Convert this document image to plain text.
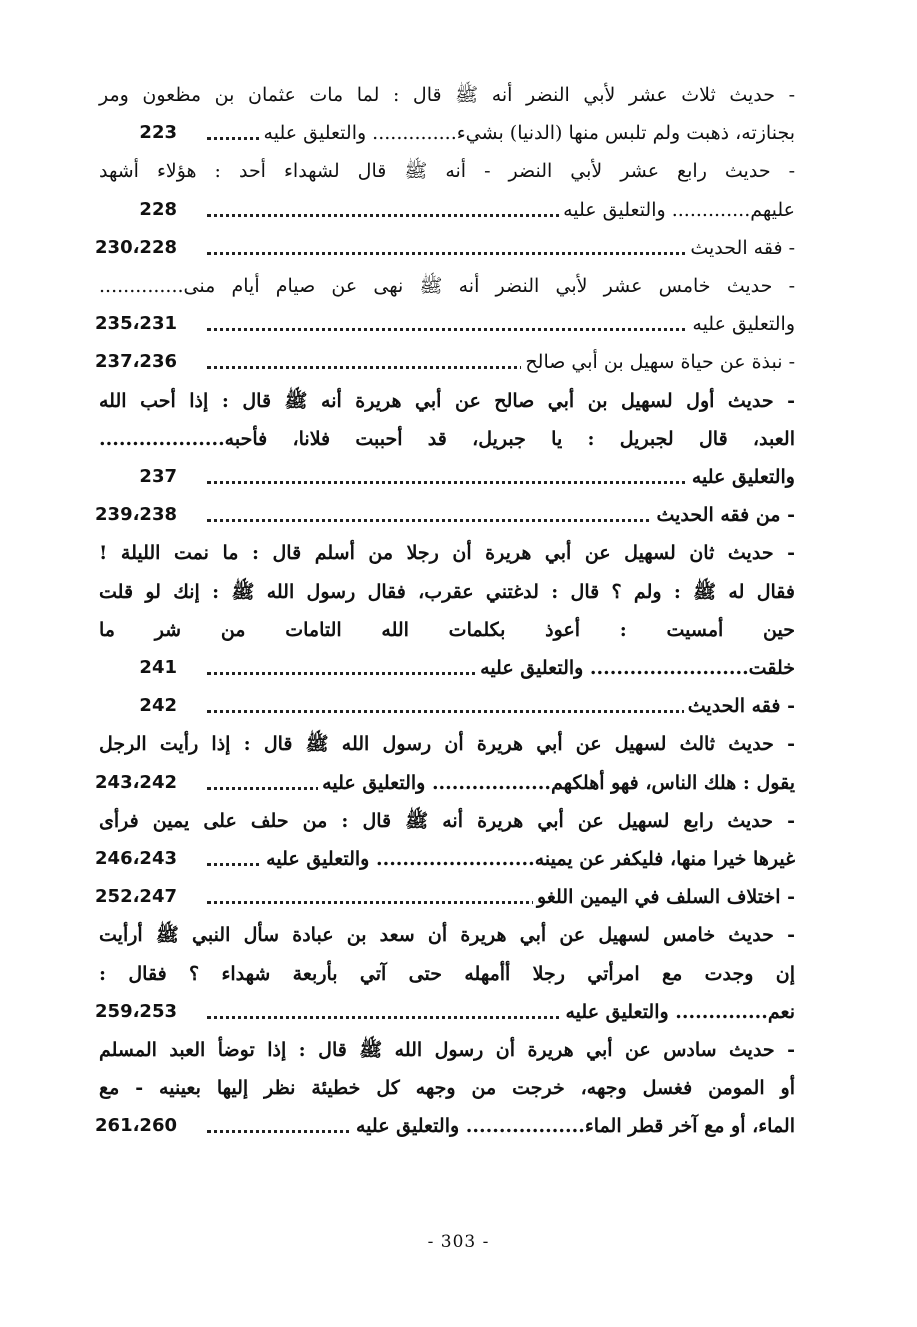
- حديث ثلاث عشر لأبي النضر أنه ﷺ قال : لما مات عثمان بن مظعون ومر
بجنازته، ذهبت ولم تلبس منها (الدنيا) بشيء.............. والتعليق عليه
223
- حديث رابع عشر لأبي النضر - أنه ﷺ قال لشهداء أحد : هؤلاء أشهد
عليهم............. والتعليق عليه
228
- فقه الحديث
230،228
- حديث خامس عشر لأبي النضر أنه ﷺ نهى عن صيام أيام منى..............
والتعليق عليه
235،231
- نبذة عن حياة سهيل بن أبي صالح
237،236
- حديث أول لسهيل بن أبي صالح عن أبي هريرة أنه ﷺ قال : إذا أحب الله
العبد، قال لجبريل : يا جبريل، قد أحببت فلانا، فأحبه...................
والتعليق عليه
237
- من فقه الحديث
239،238
- حديث ثان لسهيل عن أبي هريرة أن رجلا من أسلم قال : ما نمت الليلة !
فقال له ﷺ : ولم ؟ قال : لدغتني عقرب، فقال رسول الله ﷺ : إنك لو قلت
حين أمسيت : أعوذ بكلمات الله التامات من شر ما
خلقت........................ والتعليق عليه
241
- فقه الحديث
242
- حديث ثالث لسهيل عن أبي هريرة أن رسول الله ﷺ قال : إذا رأيت الرجل
يقول : هلك الناس، فهو أهلكهم.................. والتعليق عليه
243،242
- حديث رابع لسهيل عن أبي هريرة أنه ﷺ قال : من حلف على يمين فرأى
غيرها خيرا منها، فليكفر عن يمينه........................ والتعليق عليه
246،243
- اختلاف السلف في اليمين اللغو
252،247
- حديث خامس لسهيل عن أبي هريرة أن سعد بن عبادة سأل النبي ﷺ أرأيت
إن وجدت مع امرأتي رجلا أأمهله حتى آتي بأربعة شهداء ؟ فقال :
نعم.............. والتعليق عليه
259،253
- حديث سادس عن أبي هريرة أن رسول الله ﷺ قال : إذا توضأ العبد المسلم
أو المومن فغسل وجهه، خرجت من وجهه كل خطيئة نظر إليها بعينيه - مع
الماء، أو مع آخر قطر الماء.................. والتعليق عليه
261،260
- 303 -
